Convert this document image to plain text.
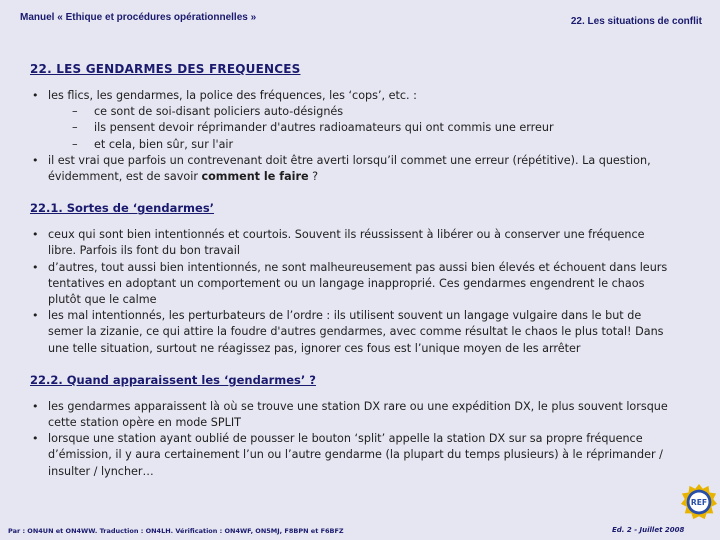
Manuel « Ethique et procédures opérationnelles »	22. Les situations de conflit
22. LES GENDARMES DES FREQUENCES
• les flics, les gendarmes, la police des fréquences, les ‘cops’, etc. :
– ce sont de soi-disant policiers auto-désignés
– ils pensent devoir réprimander d'autres radioamateurs qui ont commis une erreur
– et cela, bien sûr, sur l'air
• il est vrai que parfois un contrevenant doit être averti lorsqu’il commet une erreur (répétitive). La question, évidemment, est de savoir comment le faire ?
22.1. Sortes de ‘gendarmes’
• ceux qui sont bien intentionnés et courtois. Souvent ils réussissent à libérer ou à conserver une fréquence libre. Parfois ils font du bon travail
• d’autres, tout aussi bien intentionnés, ne sont malheureusement pas aussi bien élevés et échouent dans leurs tentatives en adoptant un comportement ou un langage inapproprié. Ces gendarmes engendrent le chaos plutôt que le calme
• les mal intentionnés, les perturbateurs de l’ordre : ils utilisent souvent un langage vulgaire dans le but de semer la zizanie, ce qui attire la foudre d'autres gendarmes, avec comme résultat le chaos le plus total! Dans une telle situation, surtout ne réagissez pas, ignorer ces fous est l’unique moyen de les arrêter
22.2. Quand apparaissent les ‘gendarmes’ ?
• les gendarmes apparaissent là où se trouve une station DX rare ou une expédition DX, le plus souvent lorsque cette station opère en mode SPLIT
• lorsque une station ayant oublié de pousser le bouton ‘split’ appelle la station DX sur sa propre fréquence d’émission, il y aura certainement l’un ou l’autre gendarme (la plupart du temps plusieurs) à le réprimander / insulter / lyncher…
Par : ON4UN et ON4WW. Traduction : ON4LH. Vérification : ON4WF, ON5MJ, F8BPN et F6BFZ	Ed. 2 - Juillet 2008
REF
